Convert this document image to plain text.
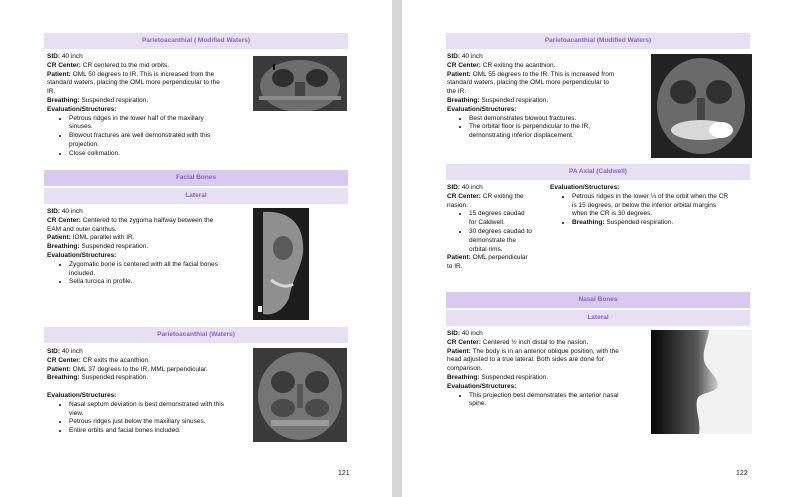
Parietoacanthial ( Modified Waters)
SID: 40 inch
CR Center: CR centered to the mid orbits.
Patient: OML 50 degrees to IR. This is increased from the
standard waters, placing the OML more perpendicular to the
IR.
Breathing: Suspended respiration.
Evaluation/Structures:
• Petrous ridges in the lower half of the maxillary
sinuses.
• Blowout fractures are well demonstrated with this
projection.
• Close collimation.
Facial Bones
Lateral
SID: 40 inch
CR Center: Centered to the zygoma halfway between the
EAM and outer canthus.
Patient: IOML parallel with IR.
Breathing: Suspended respiration.
Evaluation/Structures:
• Zygomatic bone is centered with all the facial bones
included.
• Sella turcica in profile.
Parietoacanthial (Waters)
SID: 40 inch
CR Center: CR exits the acanthion.
Patient: OML 37 degrees to the IR, MML perpendicular.
Breathing: Suspended respiration.

Evaluation/Structures:
• Nasal septum deviation is best demonstrated with this
view.
• Petrous ridges just below the maxillary sinuses.
• Entire orbits and facial bones included.
121
Parietoacanthial (Modified Waters)
SID: 40 inch
CR Center: CR exiting the acanthion.
Patient: OML 55 degrees to the IR. This is increased from
standard waters, placing the OML more perpendicular to
the IR.
Breathing: Suspended respiration.
Evaluation/Structures:
• Best demonstrates blowout fractures.
• The orbital floor is perpendicular to the IR,
demonstrating inferior displacement.
PA Axial (Caldwell)
SID: 40 inch
CR Center: CR exiting the
nasion.
• 15 degrees caudad
for Caldwell.
• 30 degrees caudad to
demonstrate the
orbital rims.
Patient: OML perpendicular
to IR.
Evaluation/Structures:
• Petrous ridges in the lower ⅓ of the orbit when the CR
is 15 degrees, or below the inferior orbital margins
when the CR is 30 degrees.
• Breathing: Suspended respiration.
Nasal Bones
Lateral
SID: 40 inch
CR Center: Centered ½ inch distal to the nasion.
Patient: The body is in an anterior oblique position, with the
head adjusted to a true lateral. Both sides are done for
comparison.
Breathing: Suspended respiration.
Evaluation/Structures:
• This projection best demonstrates the anterior nasal
spine.
122
